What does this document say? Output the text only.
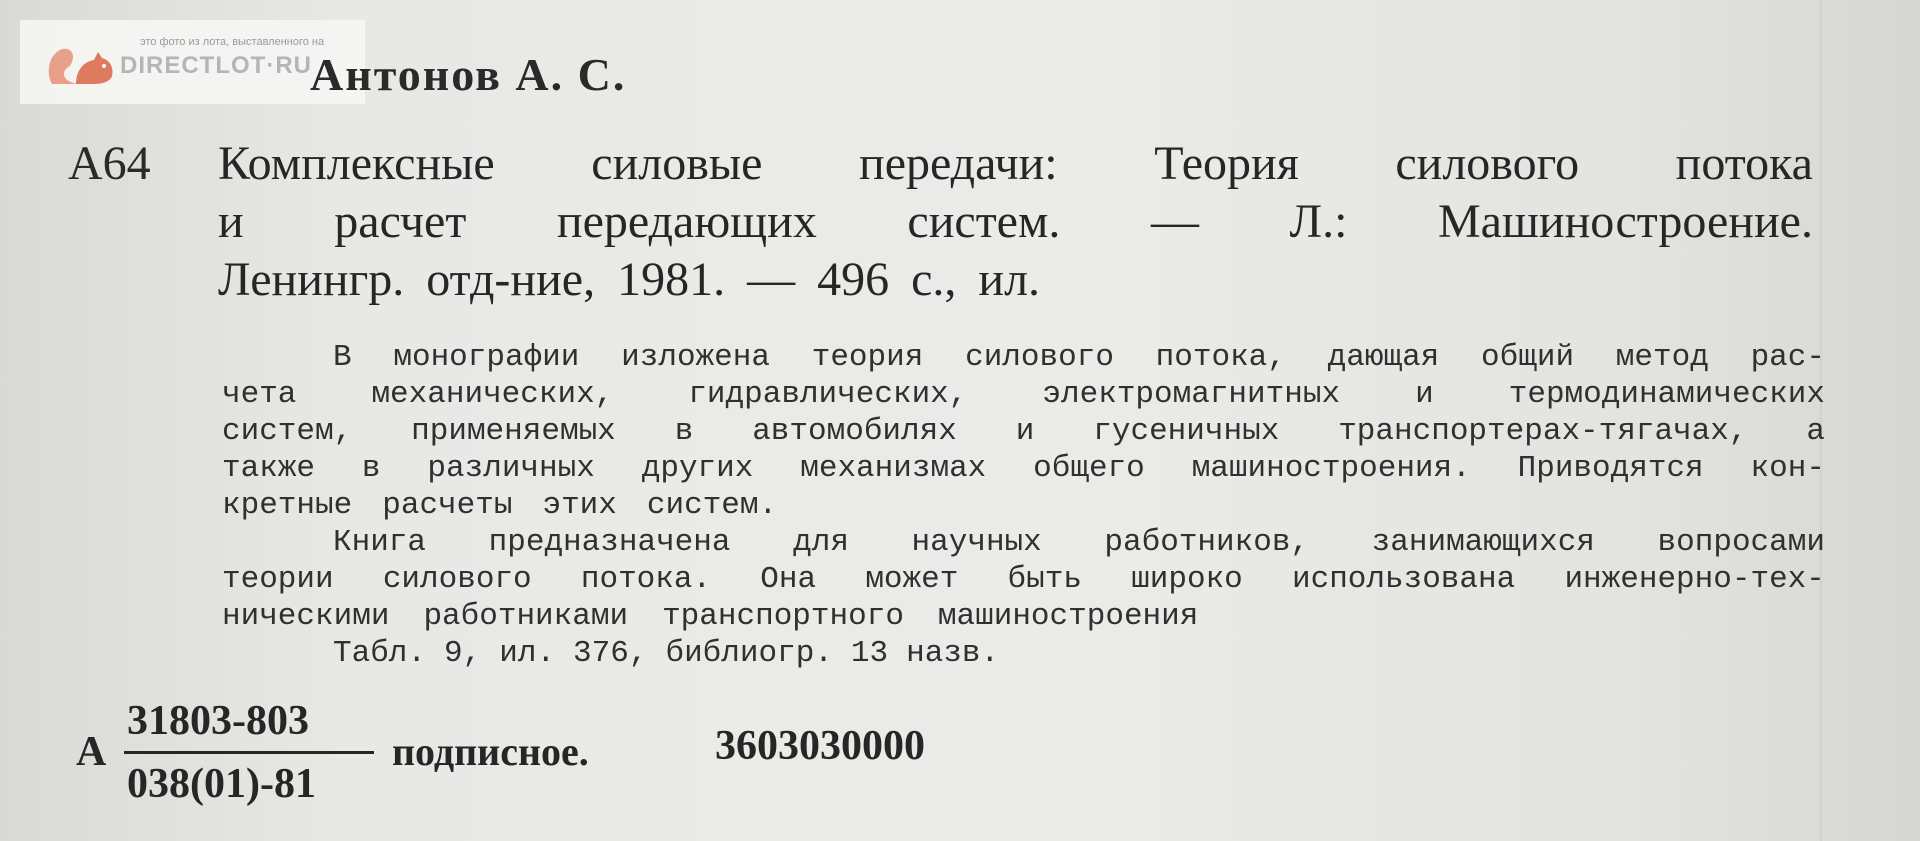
это фото из лота, выставленного на
DIRECTLOT·RU
Антонов А. С.
А64 Комплексные силовые передачи: Теория силового потока
и расчет передающих систем. — Л.: Машиностроение.
Ленингр. отд-ние, 1981. — 496 с., ил.
В монографии изложена теория силового потока, дающая общий метод рас-
чета механических, гидравлических, электромагнитных и термодинамических
систем, применяемых в автомобилях и гусеничных транспортерах-тягачах, а
также в различных других механизмах общего машиностроения. Приводятся кон-
кретные расчеты этих систем.
Книга предназначена для научных работников, занимающихся вопросами
теории силового потока. Она может быть широко использована инженерно-тех-
ническими работниками транспортного машиностроения
Табл. 9, ил. 376, библиогр. 13 назв.
А
31803-803
038(01)-81
подписное.	3603030000
